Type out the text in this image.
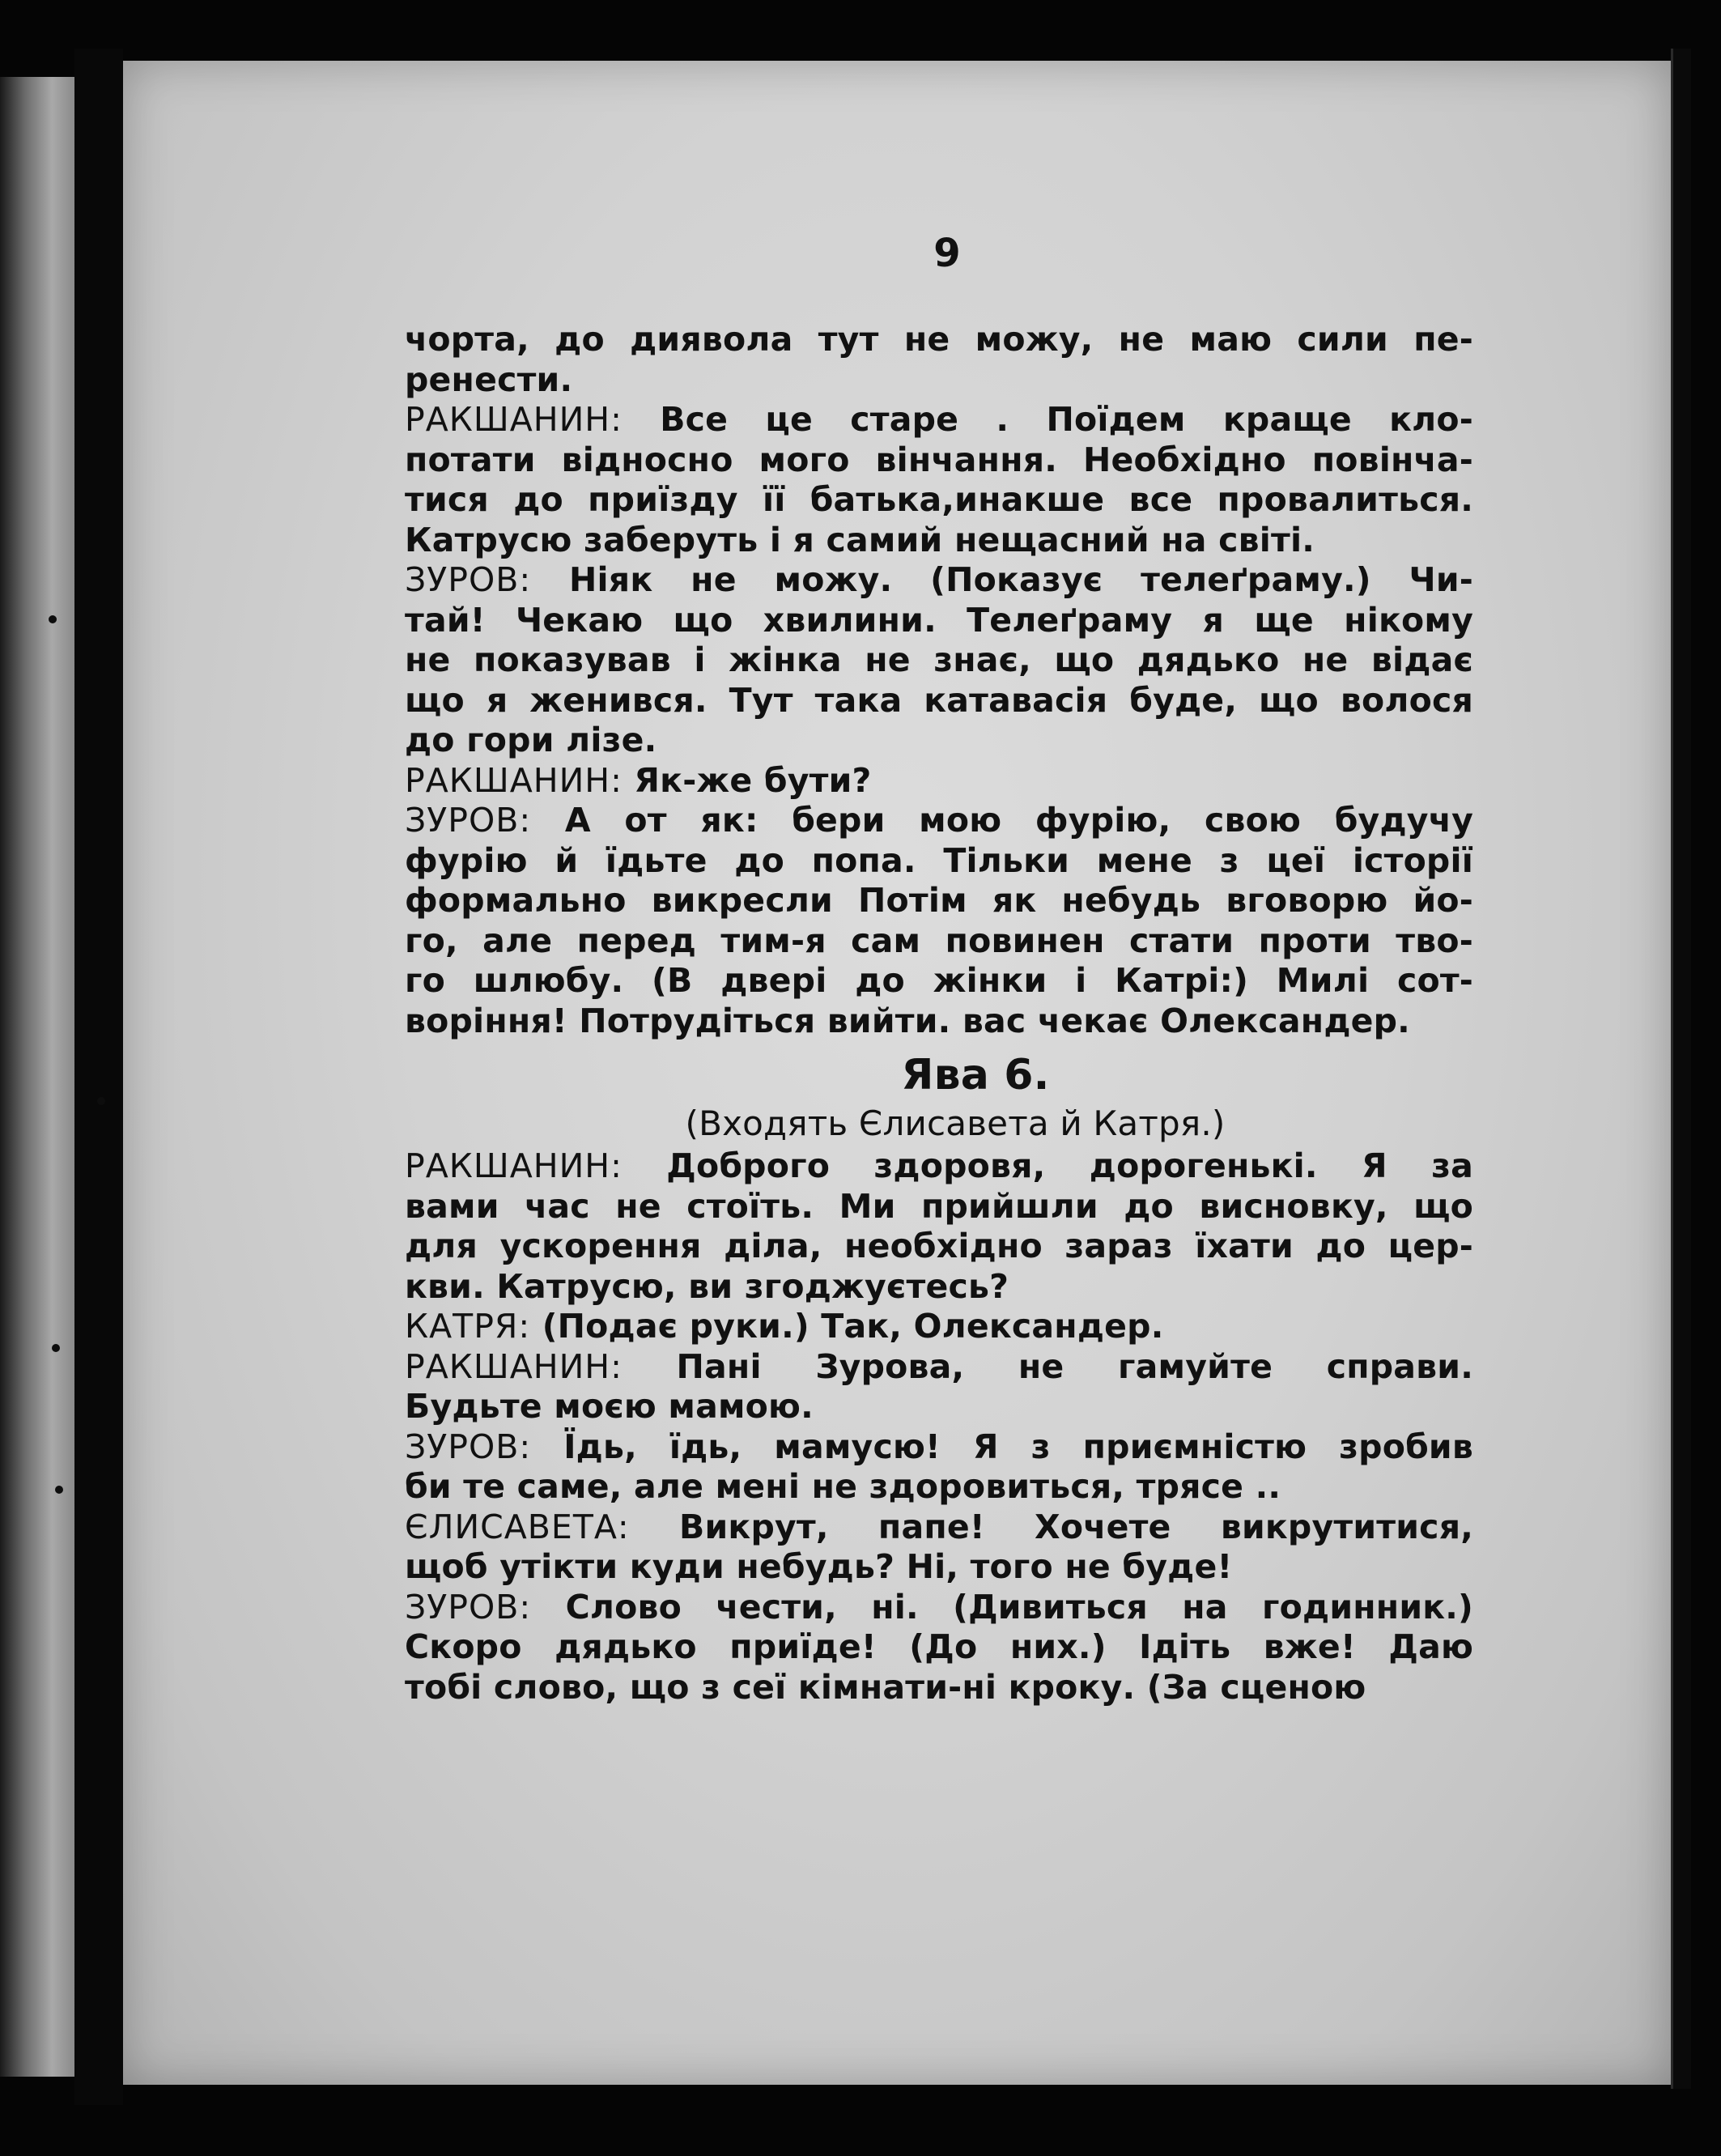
9
чорта, до диявола тут не можу, не маю сили пе-
ренести.
РАКШАНИН: Все це старе . Поїдем краще кло-
потати відносно мого вінчання. Необхідно повінча-
тися до приїзду її батька,инакше все провалиться.
Катрусю заберуть і я самий нещасний на світі.
ЗУРОВ: Ніяк не можу. (Показує телеґраму.) Чи-
тай! Чекаю що хвилини. Телеґраму я ще нікому
не показував і жінка не знає, що дядько не відає
що я женився. Тут така катавасія буде, що волося
до гори лізе.
РАКШАНИН: Як-же бути?
ЗУРОВ: А от як: бери мою фурію, свою будучу
фурію й їдьте до попа. Тільки мене з цеї історії
формально викресли Потім як небудь вговорю йо-
го, але перед тим-я сам повинен стати проти тво-
го шлюбу. (В двері до жінки і Катрі:) Милі сот-
воріння! Потрудіться вийти. вас чекає Олександер.
Ява 6.
(Входять Єлисавета й Катря.)
РАКШАНИН: Доброго здоровя, дорогенькі. Я за
вами час не стоїть. Ми прийшли до висновку, що
для ускорення діла, необхідно зараз їхати до цер-
кви. Катрусю, ви згоджуєтесь?
КАТРЯ: (Подає руки.) Так, Олександер.
РАКШАНИН: Пані Зурова, не гамуйте справи.
Будьте моєю мамою.
ЗУРОВ: Їдь, їдь, мамусю! Я з приємністю зробив
би те саме, але мені не здоровиться, трясе ..
ЄЛИСАВЕТА: Викрут, папе! Хочете викрутитися,
щоб утікти куди небудь? Ні, того не буде!
ЗУРОВ: Слово чести, ні. (Дивиться на годинник.)
Скоро дядько приїде! (До них.) Ідіть вже! Даю
тобі слово, що з сеї кімнати-ні кроку. (За сценою
